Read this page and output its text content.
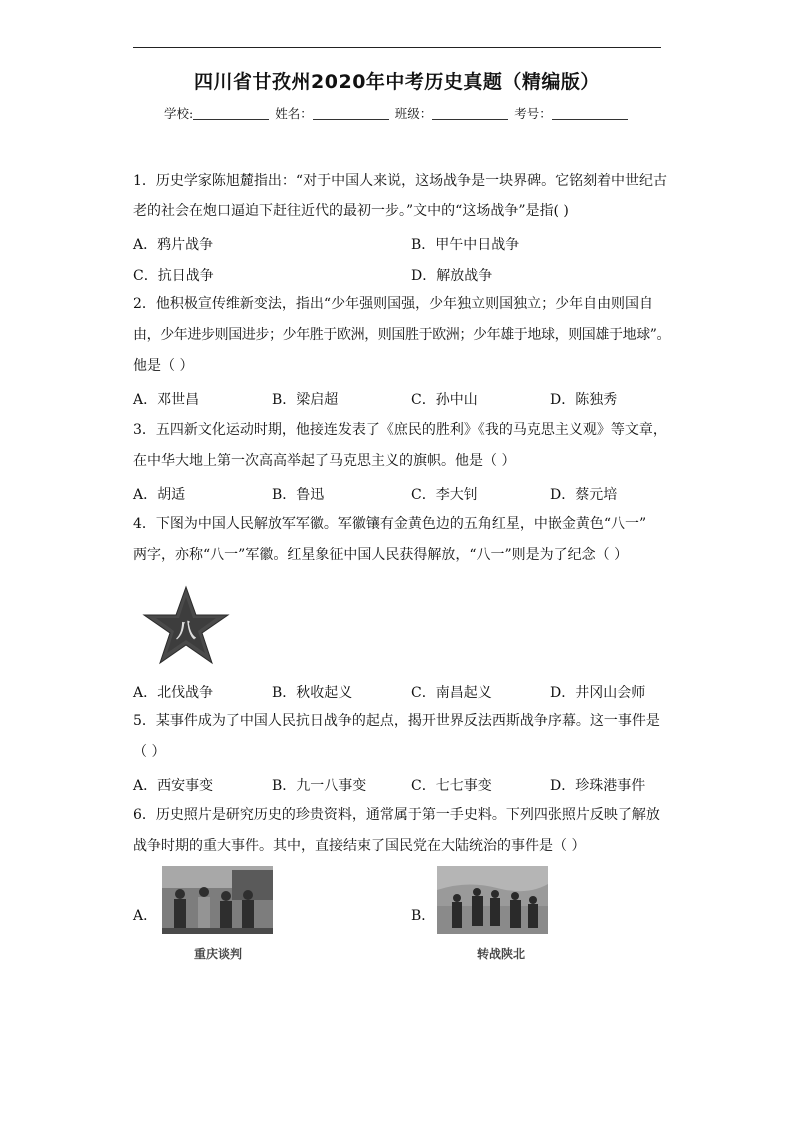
四川省甘孜州2020年中考历史真题（精编版）
学校:	姓名：	班级：	考号：
1．历史学家陈旭麓指出：“对于中国人来说，这场战争是一块界碑。它铭刻着中世纪古
老的社会在炮口逼迫下赶往近代的最初一步。”文中的“这场战争”是指( )
A．鸦片战争	B．甲午中日战争
C．抗日战争	D．解放战争
2．他积极宣传维新变法，指出“少年强则国强，少年独立则国独立；少年自由则国自
由，少年进步则国进步；少年胜于欧洲，则国胜于欧洲；少年雄于地球，则国雄于地球”。
他是（ ）
A．邓世昌	B．梁启超	C．孙中山	D．陈独秀
3．五四新文化运动时期，他接连发表了《庶民的胜利》《我的马克思主义观》等文章，
在中华大地上第一次高高举起了马克思主义的旗帜。他是（ ）
A．胡适	B．鲁迅	C．李大钊	D．蔡元培
4．下图为中国人民解放军军徽。军徽镶有金黄色边的五角红星，中嵌金黄色“八一”
两字，亦称“八一”军徽。红星象征中国人民获得解放，“八一”则是为了纪念（ ）
八
A．北伐战争	B．秋收起义	C．南昌起义	D．井冈山会师
5．某事件成为了中国人民抗日战争的起点，揭开世界反法西斯战争序幕。这一事件是
（ ）
A．西安事变	B．九一八事变	C．七七事变	D．珍珠港事件
6．历史照片是研究历史的珍贵资料，通常属于第一手史料。下列四张照片反映了解放
战争时期的重大事件。其中，直接结束了国民党在大陆统治的事件是（ ）
A．
重庆谈判
B．
转战陕北
